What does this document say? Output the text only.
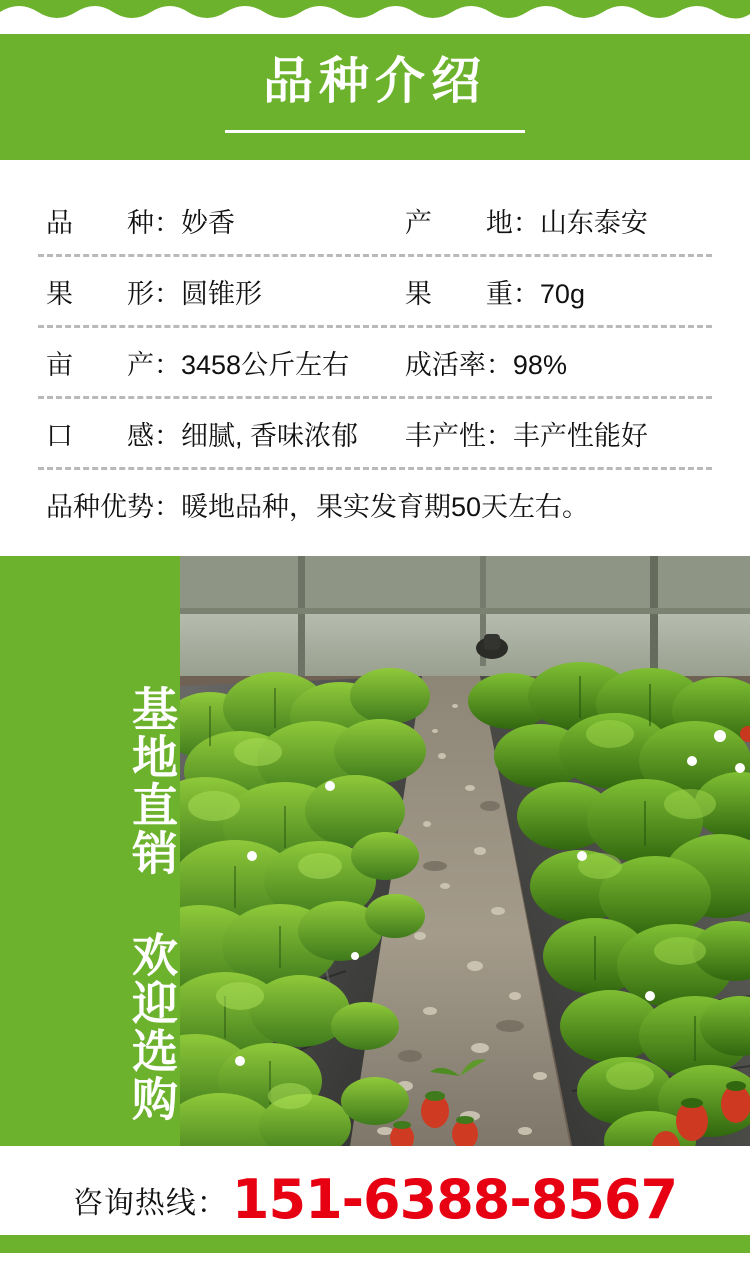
品种介绍
品　　种： 妙香	产　　地： 山东泰安
果　　形： 圆锥形	果　　重： 70g
亩　　产： 3458公斤左右 成活率： 98%
口　　感： 细腻, 香味浓郁 丰产性： 丰产性能好
品种优势： 暖地品种，果实发育期50天左右。
基地直销 欢迎选购
咨询热线： 151-6388-8567
